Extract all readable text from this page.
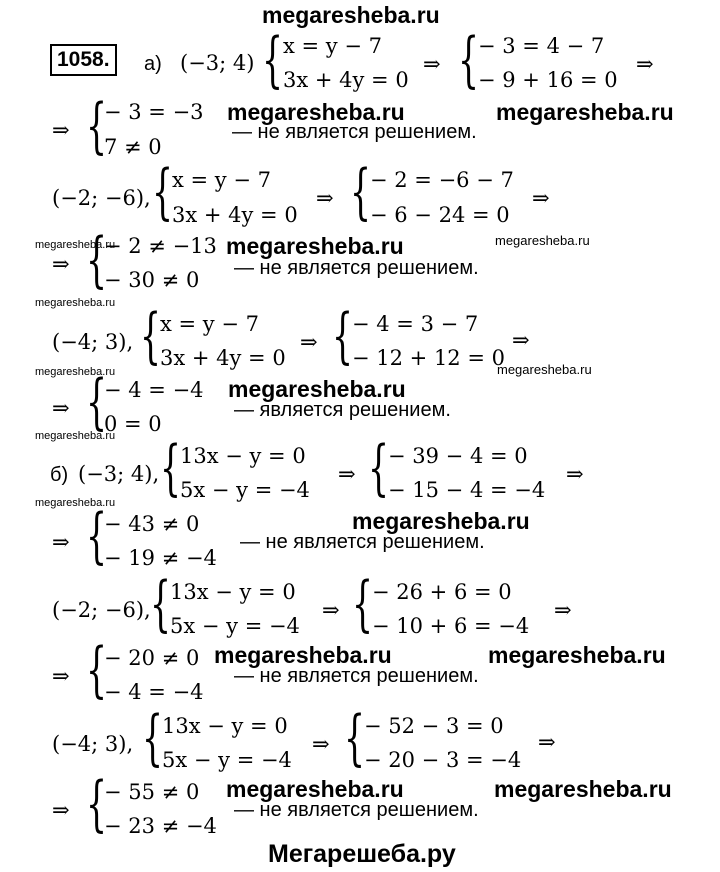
megaresheba.ru
1058.	а) (−3; 4) { x = y − 7
3x + 4y = 0
⇒ {
− 3 = 4 − 7
− 9 + 16 = 0
⇒
⇒ {
− 3 = −3
7 ≠ 0
— не является решением.
megaresheba.ru	megaresheba.ru
(−2; −6), {
x = y − 7
3x + 4y = 0
⇒ {
− 2 = −6 − 7
− 6 − 24 = 0
⇒
megaresheba.ru	megaresheba.ru
⇒ {
− 2 ≠ −13
− 30 ≠ 0
megaresheba.ru
— не является решением.
megaresheba.ru
(−4; 3), {
x = y − 7
3x + 4y = 0
⇒ {
− 4 = 3 − 7
− 12 + 12 = 0
⇒
megaresheba.ru
megaresheba.ru
⇒ {
− 4 = −4
0 = 0
megaresheba.ru
— является решением.
megaresheba.ru
б) (−3; 4), {
13x − y = 0
5x − y = −4
⇒ {
− 39 − 4 = 0
− 15 − 4 = −4
⇒
megaresheba.ru
⇒ {
− 43 ≠ 0
− 19 ≠ −4
megaresheba.ru
— не является решением.
(−2; −6), {
13x − y = 0
5x − y = −4
⇒ {
− 26 + 6 = 0
− 10 + 6 = −4
⇒
⇒ {
− 20 ≠ 0
− 4 = −4
megaresheba.ru	megaresheba.ru
— не является решением.
(−4; 3), {
13x − y = 0
5x − y = −4
⇒ {
− 52 − 3 = 0
− 20 − 3 = −4
⇒
⇒ {
− 55 ≠ 0
− 23 ≠ −4
megaresheba.ru	megaresheba.ru
— не является решением.
Мегарешеба.ру
